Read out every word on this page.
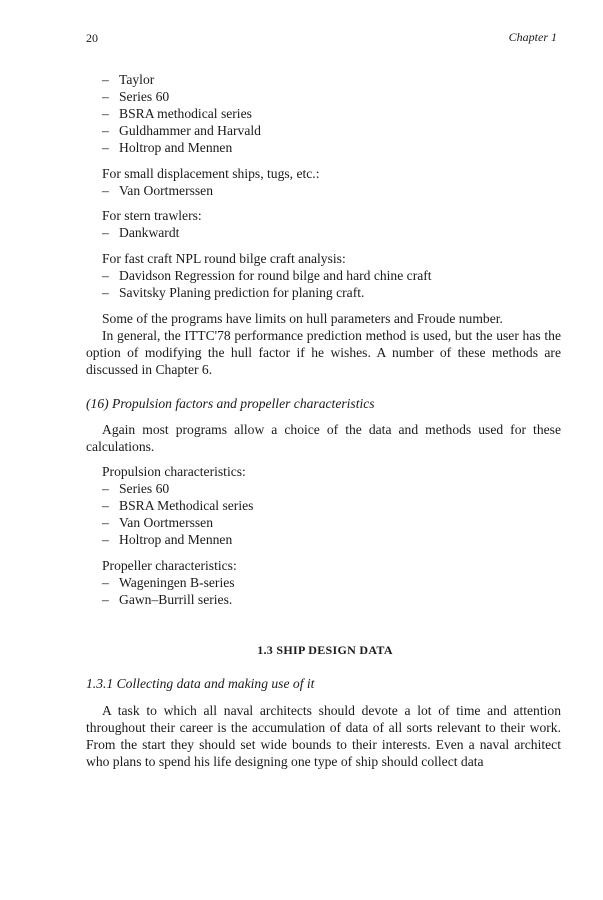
20	Chapter 1
– Taylor
– Series 60
– BSRA methodical series
– Guldhammer and Harvald
– Holtrop and Mennen
For small displacement ships, tugs, etc.:
– Van Oortmerssen
For stern trawlers:
– Dankwardt
For fast craft NPL round bilge craft analysis:
– Davidson Regression for round bilge and hard chine craft
– Savitsky Planing prediction for planing craft.
Some of the programs have limits on hull parameters and Froude number.
In general, the ITTC'78 performance prediction method is used, but the user has the option of modifying the hull factor if he wishes. A number of these methods are discussed in Chapter 6.
(16) Propulsion factors and propeller characteristics
Again most programs allow a choice of the data and methods used for these calculations.
Propulsion characteristics:
– Series 60
– BSRA Methodical series
– Van Oortmerssen
– Holtrop and Mennen
Propeller characteristics:
– Wageningen B-series
– Gawn–Burrill series.
1.3 SHIP DESIGN DATA
1.3.1 Collecting data and making use of it
A task to which all naval architects should devote a lot of time and attention throughout their career is the accumulation of data of all sorts relevant to their work. From the start they should set wide bounds to their interests. Even a naval architect who plans to spend his life designing one type of ship should collect data
